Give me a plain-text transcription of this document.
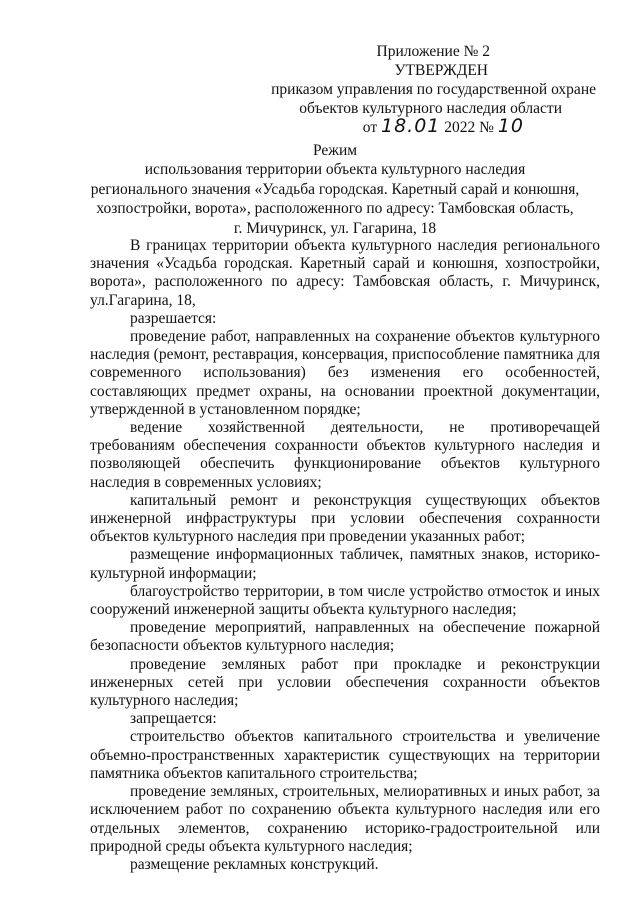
Приложение № 2
УТВЕРЖДЕН
приказом управления по государственной охране
объектов культурного наследия области
от 18.01 2022 № 10
Режим
использования территории объекта культурного наследия
регионального значения «Усадьба городская. Каретный сарай и конюшня,
хозпостройки, ворота», расположенного по адресу: Тамбовская область,
г. Мичуринск, ул. Гагарина, 18

В границах территории объекта культурного наследия регионального значения «Усадьба городская. Каретный сарай и конюшня, хозпостройки, ворота», расположенного по адресу: Тамбовская область, г. Мичуринск, ул.Гагарина, 18,

разрешается:

проведение работ, направленных на сохранение объектов культурного наследия (ремонт, реставрация, консервация, приспособление памятника для современного использования) без изменения его особенностей, составляющих предмет охраны, на основании проектной документации, утвержденной в установленном порядке;

ведение хозяйственной деятельности, не противоречащей требованиям обеспечения сохранности объектов культурного наследия и позволяющей обеспечить функционирование объектов культурного наследия в современных условиях;

капитальный ремонт и реконструкция существующих объектов инженерной инфраструктуры при условии обеспечения сохранности объектов культурного наследия при проведении указанных работ;

размещение информационных табличек, памятных знаков, историко-культурной информации;

благоустройство территории, в том числе устройство отмосток и иных сооружений инженерной защиты объекта культурного наследия;

проведение мероприятий, направленных на обеспечение пожарной безопасности объектов культурного наследия;

проведение земляных работ при прокладке и реконструкции инженерных сетей при условии обеспечения сохранности объектов культурного наследия;

запрещается:

строительство объектов капитального строительства и увеличение объемно-пространственных характеристик существующих на территории памятника объектов капитального строительства;

проведение земляных, строительных, мелиоративных и иных работ, за исключением работ по сохранению объекта культурного наследия или его отдельных элементов, сохранению историко-градостроительной или природной среды объекта культурного наследия;

размещение рекламных конструкций.
